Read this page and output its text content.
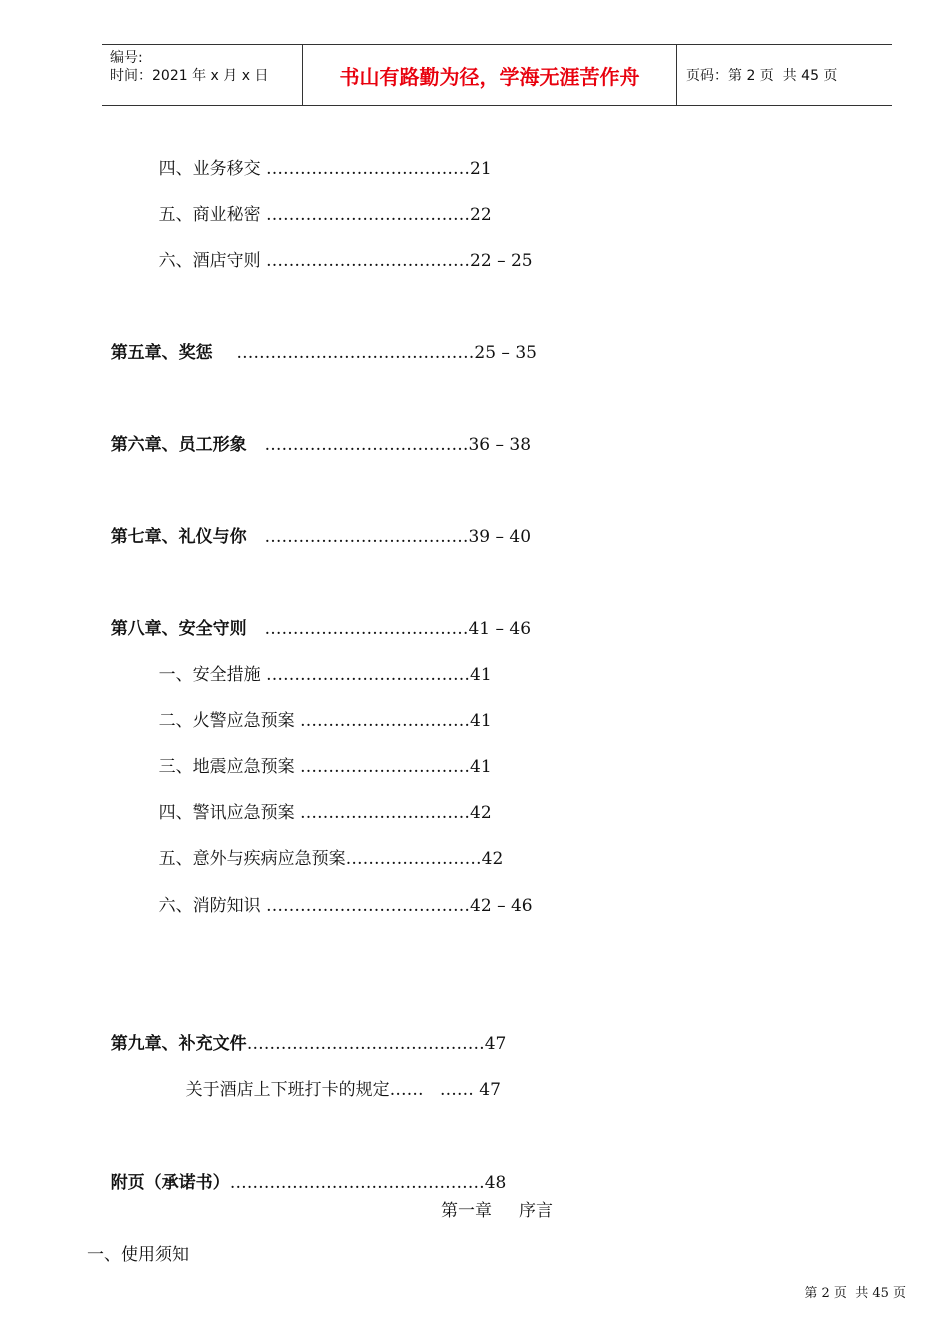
编号:
时间：2021 年 x 月 x 日	书山有路勤为径，学海无涯苦作舟	页码：第 2 页  共 45 页

四、业务移交 ………………………………21

五、商业秘密 ………………………………22

六、酒店守则 ………………………………22 – 25

第五章、奖惩    ……………………………………25 – 35

第六章、员工形象   ………………………………36 – 38

第七章、礼仪与你   ………………………………39 – 40

第八章、安全守则   ………………………………41 – 46

一、安全措施 ………………………………41

二、火警应急预案 …………………………41

三、地震应急预案 …………………………41

四、警讯应急预案 …………………………42

五、意外与疾病应急预案……………………42

六、消防知识 ………………………………42 – 46

第九章、补充文件……………………………………47

关于酒店上下班打卡的规定……   …… 47

附页（承诺书）………………………………………48

第一章     序言
一、使用须知
第 2 页  共 45 页
